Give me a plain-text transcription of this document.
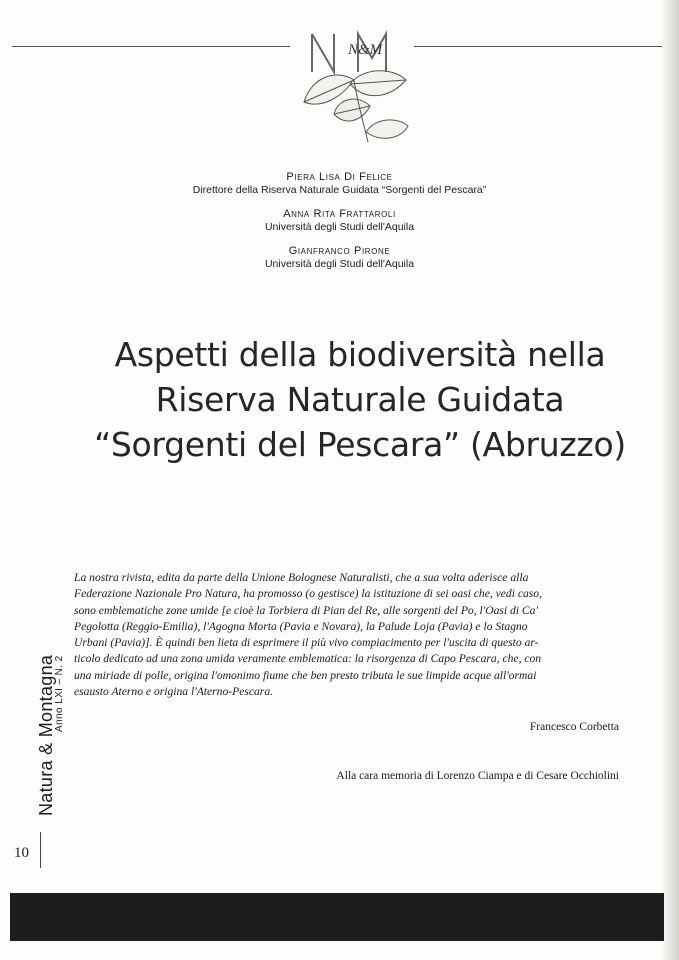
N&M
Piera Lisa Di Felice
Direttore della Riserva Naturale Guidata “Sorgenti del Pescara”
Anna Rita Frattaroli
Università degli Studi dell'Aquila
Gianfranco Pirone
Università degli Studi dell'Aquila
Aspetti della biodiversità nella
Riserva Naturale Guidata
“Sorgenti del Pescara” (Abruzzo)
La nostra rivista, edita da parte della Unione Bolognese Naturalisti, che a sua volta aderisce alla
Federazione Nazionale Pro Natura, ha promosso (o gestisce) la istituzione di sei oasi che, vedi caso,
sono emblematiche zone umide [e cioè la Torbiera di Pian del Re, alle sorgenti del Po, l'Oasi di Ca'
Pegolotta (Reggio-Emilia), l'Agogna Morta (Pavia e Novara), la Palude Loja (Pavia) e lo Stagno
Urbani (Pavia)]. È quindi ben lieta di esprimere il più vivo compiacimento per l'uscita di questo ar-
ticolo dedicato ad una zona umida veramente emblematica: la risorgenza di Capo Pescara, che, con
una miriade di polle, origina l'omonimo fiume che ben presto tributa le sue limpide acque all'ormai
esausto Aterno e origina l'Aterno-Pescara.
Francesco Corbetta
Alla cara memoria di Lorenzo Ciampa e di Cesare Occhiolini
Natura & Montagna
Anno LXI – N. 2
10
